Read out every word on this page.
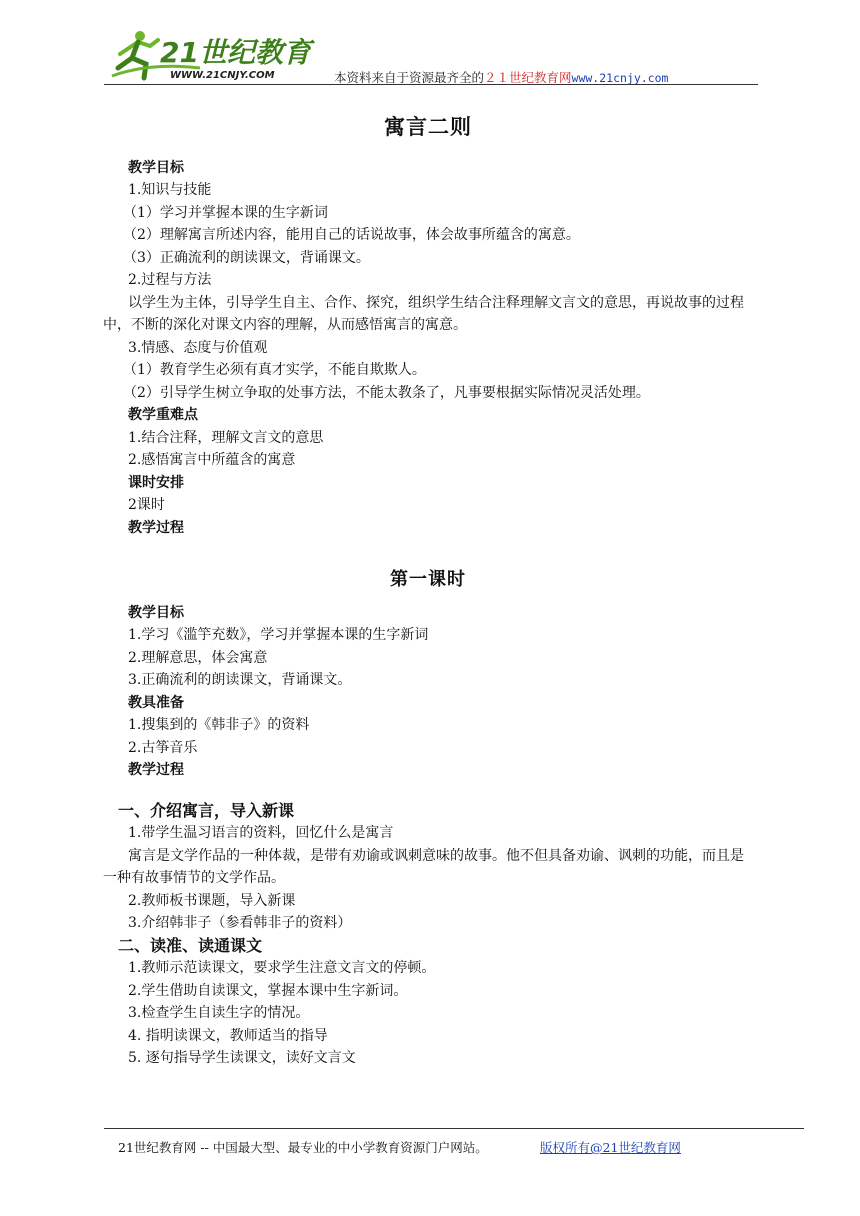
21世纪教育
WWW.21CNJY.COM	本资料来自于资源最齐全的２１世纪教育网www.21cnjy.com
寓言二则
教学目标
1.知识与技能
（1）学习并掌握本课的生字新词
（2）理解寓言所述内容，能用自己的话说故事，体会故事所蕴含的寓意。
（3）正确流利的朗读课文，背诵课文。
2.过程与方法
以学生为主体，引导学生自主、合作、探究，组织学生结合注释理解文言文的意思，再说故事的过程中，不断的深化对课文内容的理解，从而感悟寓言的寓意。
3.情感、态度与价值观
（1）教育学生必须有真才实学，不能自欺欺人。
（2）引导学生树立争取的处事方法，不能太教条了，凡事要根据实际情况灵活处理。
教学重难点
1.结合注释，理解文言文的意思
2.感悟寓言中所蕴含的寓意
课时安排
2课时
教学过程
第一课时
教学目标
1.学习《滥竽充数》，学习并掌握本课的生字新词
2.理解意思，体会寓意
3.正确流利的朗读课文，背诵课文。
教具准备
1.搜集到的《韩非子》的资料
2.古筝音乐
教学过程
一、介绍寓言，导入新课
1.带学生温习语言的资料，回忆什么是寓言
寓言是文学作品的一种体裁，是带有劝谕或讽刺意味的故事。他不但具备劝谕、讽刺的功能，而且是一种有故事情节的文学作品。
2.教师板书课题，导入新课
3.介绍韩非子（参看韩非子的资料）
二、读准、读通课文
1.教师示范读课文，要求学生注意文言文的停顿。
2.学生借助自读课文，掌握本课中生字新词。
3.检查学生自读生字的情况。
4. 指明读课文，教师适当的指导
5. 逐句指导学生读课文，读好文言文
21世纪教育网 -- 中国最大型、最专业的中小学教育资源门户网站。	版权所有@21世纪教育网
